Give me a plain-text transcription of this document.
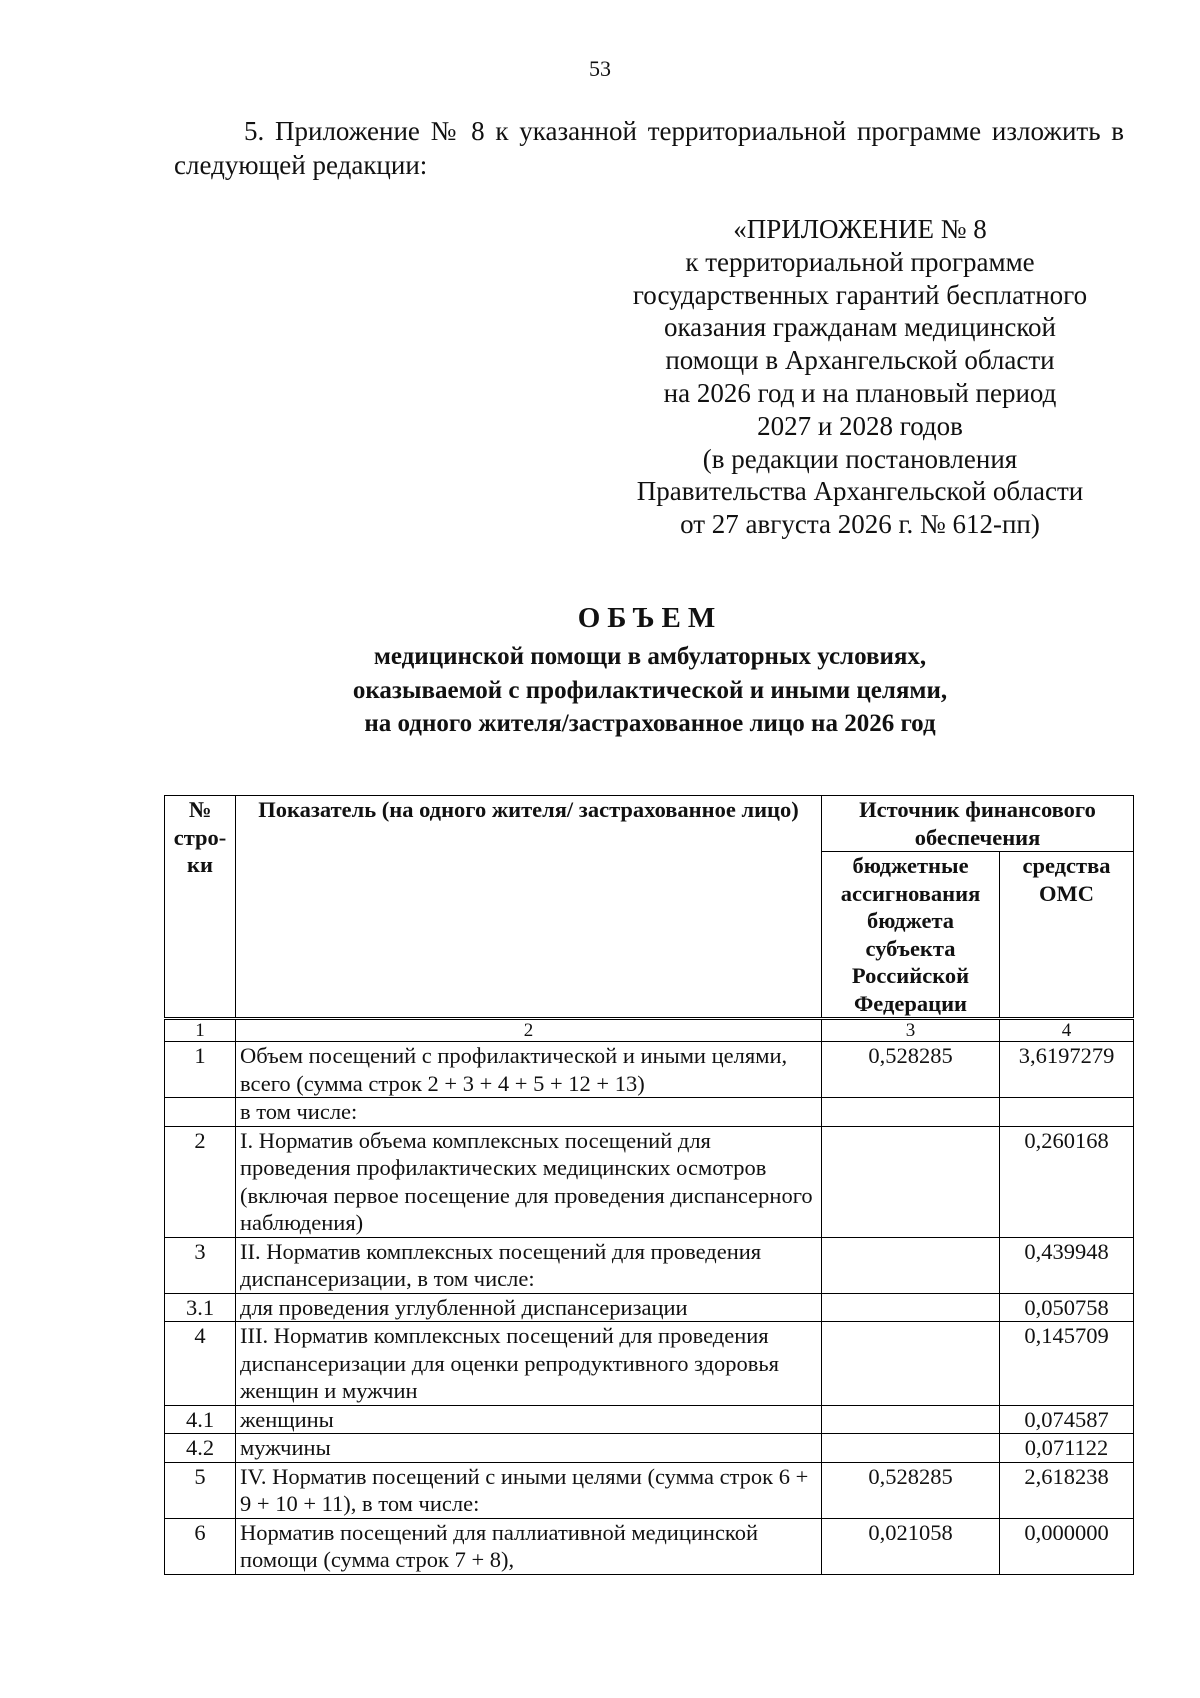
53

5. Приложение № 8 к указанной территориальной программе изложить в следующей редакции:

«ПРИЛОЖЕНИЕ № 8
к территориальной программе
государственных гарантий бесплатного
оказания гражданам медицинской
помощи в Архангельской области
на 2026 год и на плановый период
2027 и 2028 годов
(в редакции постановления
Правительства Архангельской области
от 27 августа 2026 г. № 612-пп)
ОБЪЕМ
медицинской помощи в амбулаторных условиях,
оказываемой с профилактической и иными целями,
на одного жителя/застрахованное лицо на 2026 год
№ стро- ки	Показатель (на одного жителя/ застрахованное лицо)	Источник финансового обеспечения	
		бюджетные ассигнования бюджета субъекта Российской Федерации	средства ОМС
1	2	3	4
1	Объем посещений с профилактической и иными целями, всего (сумма строк 2 + 3 + 4 + 5 + 12 + 13)	0,528285	3,6197279
	в том числе:		
2	I. Норматив объема комплексных посещений для проведения профилактических медицинских осмотров (включая первое посещение для проведения диспансерного наблюдения)		0,260168
3	II. Норматив комплексных посещений для проведения диспансеризации, в том числе:		0,439948
3.1	для проведения углубленной диспансеризации		0,050758
4	III. Норматив комплексных посещений для проведения диспансеризации для оценки репродуктивного здоровья женщин и мужчин		0,145709
4.1	женщины		0,074587
4.2	мужчины		0,071122
5	IV. Норматив посещений с иными целями (сумма строк 6 + 9 + 10 + 11), в том числе:	0,528285	2,618238
6	Норматив посещений для паллиативной медицинской помощи (сумма строк 7 + 8),	0,021058	0,000000
